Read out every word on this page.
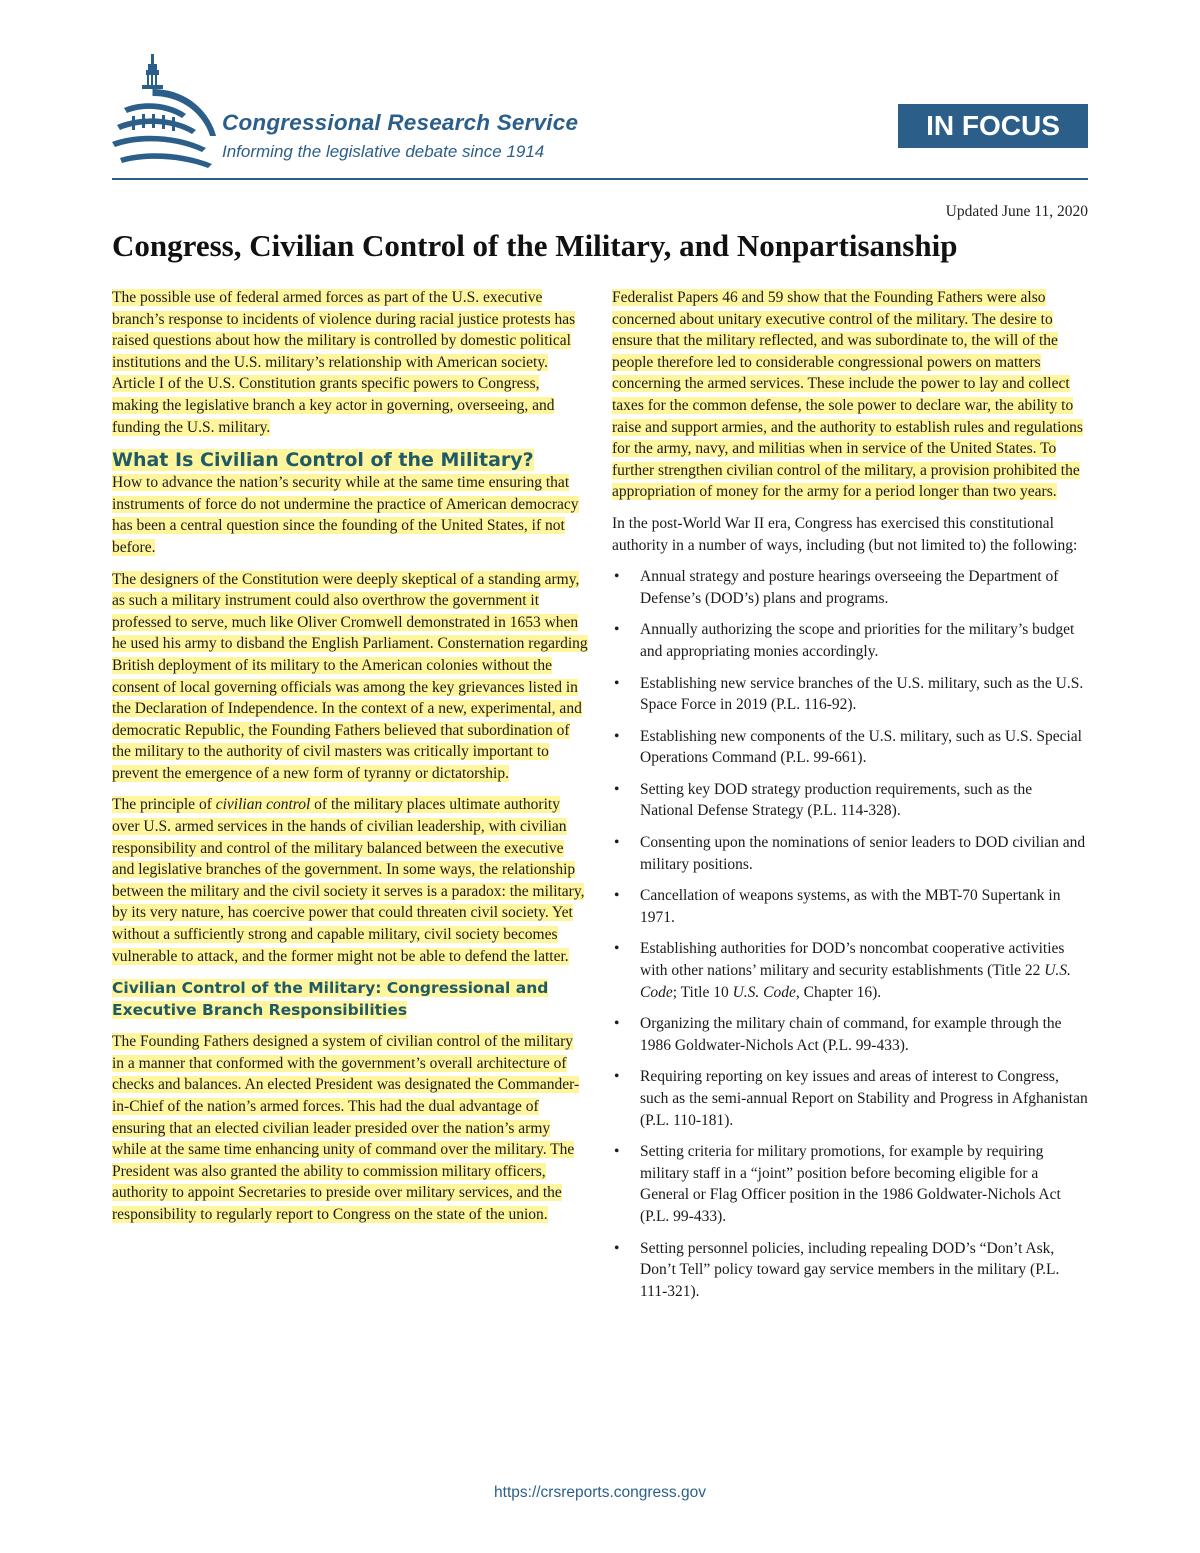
Congressional Research Service
Informing the legislative debate since 1914
IN FOCUS
Updated June 11, 2020
Congress, Civilian Control of the Military, and Nonpartisanship

The possible use of federal armed forces as part of the U.S. executive branch’s response to incidents of violence during racial justice protests has raised questions about how the military is controlled by domestic political institutions and the U.S. military’s relationship with American society. Article I of the U.S. Constitution grants specific powers to Congress, making the legislative branch a key actor in governing, overseeing, and funding the U.S. military.

What Is Civilian Control of the Military?

How to advance the nation’s security while at the same time ensuring that instruments of force do not undermine the practice of American democracy has been a central question since the founding of the United States, if not before.

The designers of the Constitution were deeply skeptical of a standing army, as such a military instrument could also overthrow the government it professed to serve, much like Oliver Cromwell demonstrated in 1653 when he used his army to disband the English Parliament. Consternation regarding British deployment of its military to the American colonies without the consent of local governing officials was among the key grievances listed in the Declaration of Independence. In the context of a new, experimental, and democratic Republic, the Founding Fathers believed that subordination of the military to the authority of civil masters was critically important to prevent the emergence of a new form of tyranny or dictatorship.

The principle of civilian control of the military places ultimate authority over U.S. armed services in the hands of civilian leadership, with civilian responsibility and control of the military balanced between the executive and legislative branches of the government. In some ways, the relationship between the military and the civil society it serves is a paradox: the military, by its very nature, has coercive power that could threaten civil society. Yet without a sufficiently strong and capable military, civil society becomes vulnerable to attack, and the former might not be able to defend the latter.

Civilian Control of the Military: Congressional and Executive Branch Responsibilities

The Founding Fathers designed a system of civilian control of the military in a manner that conformed with the government’s overall architecture of checks and balances. An elected President was designated the Commander-in-Chief of the nation’s armed forces. This had the dual advantage of ensuring that an elected civilian leader presided over the nation’s army while at the same time enhancing unity of command over the military. The President was also granted the ability to commission military officers, authority to appoint Secretaries to preside over military services, and the responsibility to regularly report to Congress on the state of the union.

Federalist Papers 46 and 59 show that the Founding Fathers were also concerned about unitary executive control of the military. The desire to ensure that the military reflected, and was subordinate to, the will of the people therefore led to considerable congressional powers on matters concerning the armed services. These include the power to lay and collect taxes for the common defense, the sole power to declare war, the ability to raise and support armies, and the authority to establish rules and regulations for the army, navy, and militias when in service of the United States. To further strengthen civilian control of the military, a provision prohibited the appropriation of money for the army for a period longer than two years.

In the post-World War II era, Congress has exercised this constitutional authority in a number of ways, including (but not limited to) the following:

• Annual strategy and posture hearings overseeing the Department of Defense’s (DOD’s) plans and programs.
• Annually authorizing the scope and priorities for the military’s budget and appropriating monies accordingly.
• Establishing new service branches of the U.S. military, such as the U.S. Space Force in 2019 (P.L. 116-92).
• Establishing new components of the U.S. military, such as U.S. Special Operations Command (P.L. 99-661).
• Setting key DOD strategy production requirements, such as the National Defense Strategy (P.L. 114-328).
• Consenting upon the nominations of senior leaders to DOD civilian and military positions.
• Cancellation of weapons systems, as with the MBT-70 Supertank in 1971.
• Establishing authorities for DOD’s noncombat cooperative activities with other nations’ military and security establishments (Title 22 U.S. Code; Title 10 U.S. Code, Chapter 16).
• Organizing the military chain of command, for example through the 1986 Goldwater-Nichols Act (P.L. 99-433).
• Requiring reporting on key issues and areas of interest to Congress, such as the semi-annual Report on Stability and Progress in Afghanistan (P.L. 110-181).
• Setting criteria for military promotions, for example by requiring military staff in a “joint” position before becoming eligible for a General or Flag Officer position in the 1986 Goldwater-Nichols Act (P.L. 99-433).
• Setting personnel policies, including repealing DOD’s “Don’t Ask, Don’t Tell” policy toward gay service members in the military (P.L. 111-321).
https://crsreports.congress.gov
